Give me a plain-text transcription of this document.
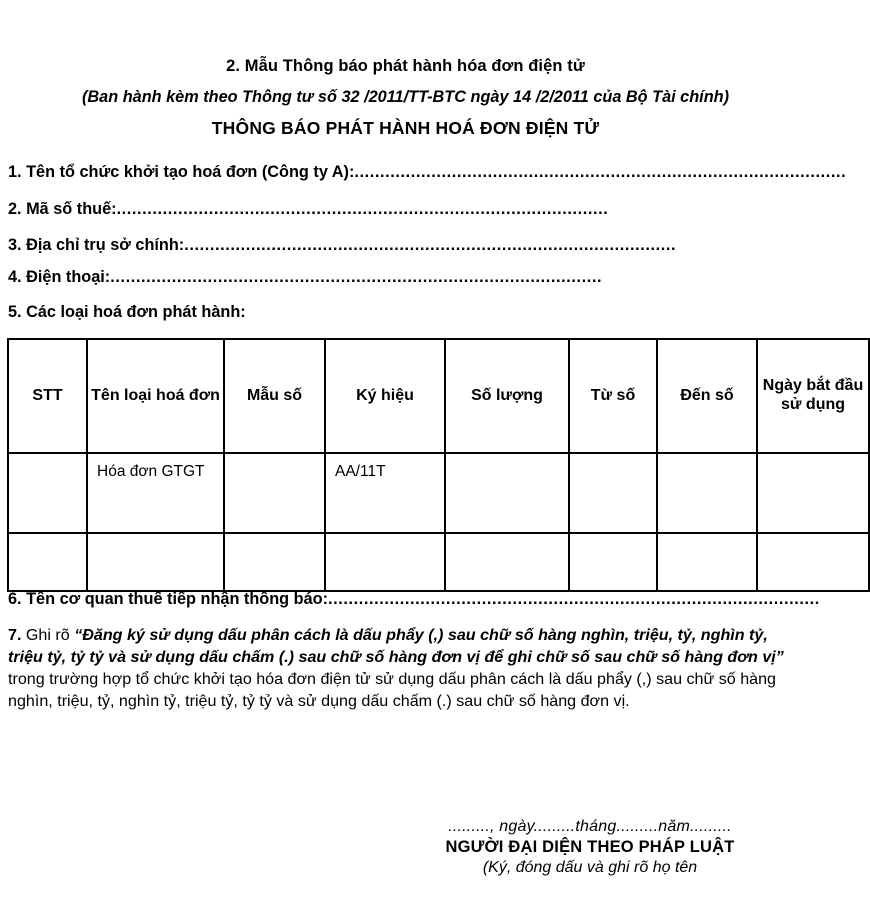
2. Mẫu Thông báo phát hành hóa đơn điện tử
(Ban hành kèm theo Thông tư số 32 /2011/TT-BTC ngày 14 /2/2011 của Bộ Tài chính)
THÔNG BÁO PHÁT HÀNH HOÁ ĐƠN ĐIỆN TỬ
1. Tên tổ chức khởi tạo hoá đơn (Công ty A): ................................................................................................
2. Mã số thuế: ................................................................................................
3. Địa chỉ trụ sở chính: ................................................................................................
4. Điện thoại: ................................................................................................
5. Các loại hoá đơn phát hành:
STT	Tên loại hoá đơn	Mẫu số	Ký hiệu	Số lượng	Từ số	Đến số	Ngày bắt đầu sử dụng
	Hóa đơn GTGT		AA/11T				

6. Tên cơ quan thuế tiếp nhận thông báo: ................................................................................................
7. Ghi rõ “Đăng ký sử dụng dấu phân cách là dấu phẩy (,) sau chữ số hàng nghìn, triệu, tỷ, nghìn tỷ, triệu tỷ, tỷ tỷ và sử dụng dấu chấm (.) sau chữ số hàng đơn vị để ghi chữ số sau chữ số hàng đơn vị” trong trường hợp tổ chức khởi tạo hóa đơn điện tử sử dụng dấu phân cách là dấu phẩy (,) sau chữ số hàng nghìn, triệu, tỷ, nghìn tỷ, triệu tỷ, tỷ tỷ và sử dụng dấu chấm (.) sau chữ số hàng đơn vị.
........., ngày.........tháng.........năm.........
NGƯỜI ĐẠI DIỆN THEO PHÁP LUẬT
(Ký, đóng dấu và ghi rõ họ tên
